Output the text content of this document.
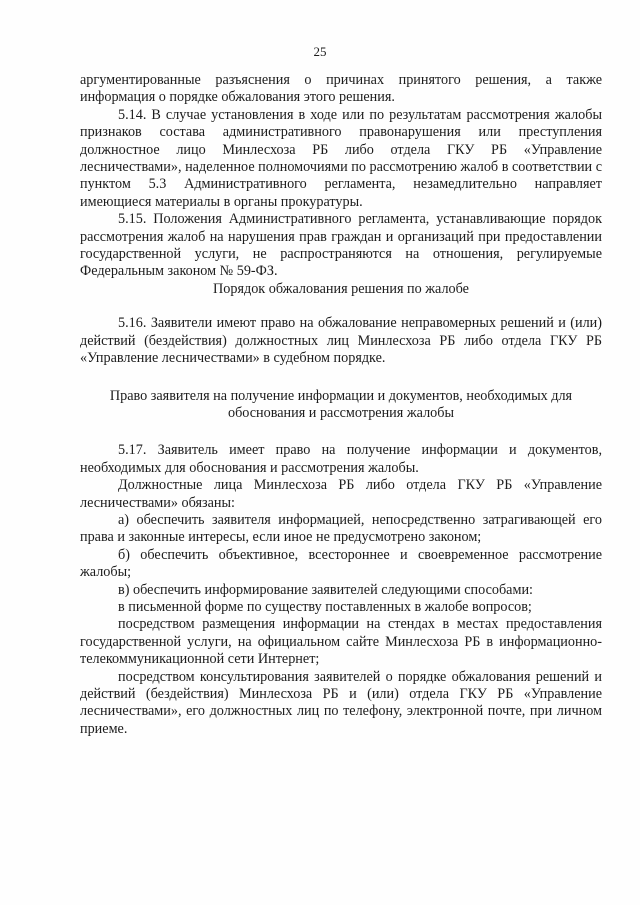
25

аргументированные разъяснения о причинах принятого решения, а также информация о порядке обжалования этого решения.

5.14. В случае установления в ходе или по результатам рассмотрения жалобы признаков состава административного правонарушения или преступления должностное лицо Минлесхоза РБ либо отдела ГКУ РБ «Управление лесничествами», наделенное полномочиями по рассмотрению жалоб в соответствии с пунктом 5.3 Административного регламента, незамедлительно направляет имеющиеся материалы в органы прокуратуры.

5.15. Положения Административного регламента, устанавливающие порядок рассмотрения жалоб на нарушения прав граждан и организаций при предоставлении государственной услуги, не распространяются на отношения, регулируемые Федеральным законом № 59-ФЗ.

Порядок обжалования решения по жалобе

5.16. Заявители имеют право на обжалование неправомерных решений и (или) действий (бездействия) должностных лиц Минлесхоза РБ либо отдела ГКУ РБ «Управление лесничествами» в судебном порядке.

Право заявителя на получение информации и документов, необходимых для обоснования и рассмотрения жалобы

5.17. Заявитель имеет право на получение информации и документов, необходимых для обоснования и рассмотрения жалобы.

Должностные лица Минлесхоза РБ либо отдела ГКУ РБ «Управление лесничествами» обязаны:

а) обеспечить заявителя информацией, непосредственно затрагивающей его права и законные интересы, если иное не предусмотрено законом;

б) обеспечить объективное, всестороннее и своевременное рассмотрение жалобы;

в) обеспечить информирование заявителей следующими способами:

в письменной форме по существу поставленных в жалобе вопросов;

посредством размещения информации на стендах в местах предоставления государственной услуги, на официальном сайте Минлесхоза РБ в информационно-телекоммуникационной сети Интернет;

посредством консультирования заявителей о порядке обжалования решений и действий (бездействия) Минлесхоза РБ и (или) отдела ГКУ РБ «Управление лесничествами», его должностных лиц по телефону, электронной почте, при личном приеме.
